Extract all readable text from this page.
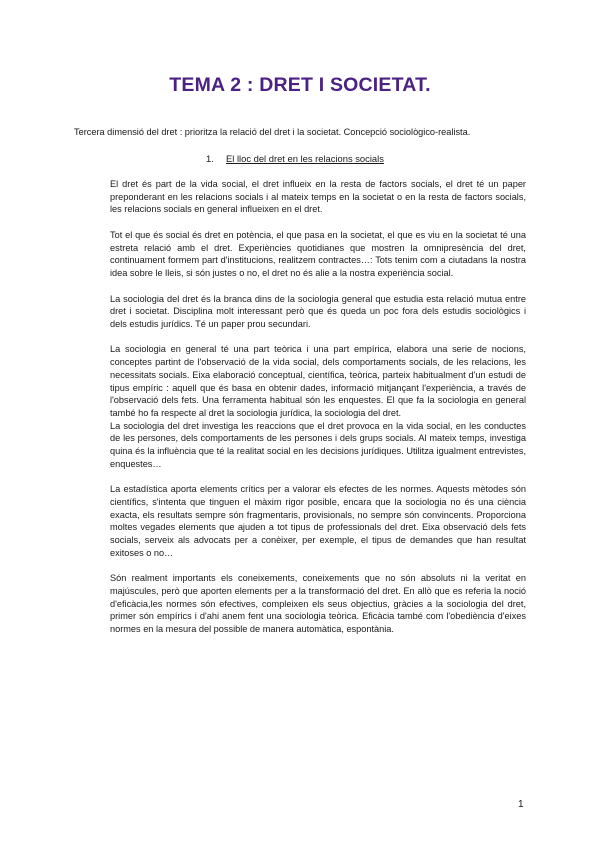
TEMA 2 : DRET I SOCIETAT.
Tercera dimensió del dret : prioritza la relació del dret i la societat. Concepció sociològico-realista.
1. El lloc del dret en les relacions socials

El dret és part de la vida social, el dret influeix en la resta de factors socials, el dret té un paper preponderant en les relacions socials i al mateix temps en la societat o en la resta de factors socials, les relacions socials en general influeixen en el dret.

Tot el que és social és dret en potència, el que pasa en la societat, el que es viu en la societat té una estreta relació amb el dret. Experiències quotidianes que mostren la omnipresència del dret, continuament formem part d'institucions, realitzem contractes…: Tots tenim com a ciutadans la nostra idea sobre le lleis, si són justes o no, el dret no és alie a la nostra experiència social.

La sociologia del dret és la branca dins de la sociologia general que estudia esta relació mutua entre dret i societat. Disciplina molt interessant però que és queda un poc fora dels estudis sociològics i dels estudis jurídics. Té un paper prou secundari.

La sociologia en general té una part teòrica i una part empírica, elabora una serie de nocions, conceptes partint de l'observació de la vida social, dels comportaments socials, de les relacions, les necessitats socials. Eixa elaboració conceptual, científica, teòrica, parteix habitualment d'un estudi de tipus empíric : aquell que és basa en obtenir dades, informació mitjançant l'experiència, a través de l'observació dels fets. Una ferramenta habitual són les enquestes. El que fa la sociologia en general també ho fa respecte al dret la sociologia jurídica, la sociologia del dret.

La sociologia del dret investiga les reaccions que el dret provoca en la vida social, en les conductes de les persones, dels comportaments de les persones i dels grups socials. Al mateix temps, investiga quina és la influència que té la realitat social en les decisions jurídiques. Utilitza igualment entrevistes, enquestes…

La estadística aporta elements crítics per a valorar els efectes de les normes. Aquests mètodes són científics, s'intenta que tinguen el màxim rigor posible, encara que la sociologia no és una ciència exacta, els resultats sempre són fragmentaris, provisionals, no sempre són convincents. Proporciona moltes vegades elements que ajuden a tot tipus de professionals del dret. Eixa observació dels fets socials, serveix als advocats per a conèixer, per exemple, el tipus de demandes que han resultat exitoses o no…

Són realment importants els coneixements, coneixements que no són absoluts ni la veritat en majúscules, però que aporten elements per a la transformació del dret. En allò que es referia la noció d'eficàcia,les normes són efectives, compleixen els seus objectius, gràcies a la sociologia del dret, primer són empírics i d'ahi anem fent una sociologia teòrica. Eficàcia també com l'obediència d'eixes normes en la mesura del possible de manera automàtica, espontània.

1
